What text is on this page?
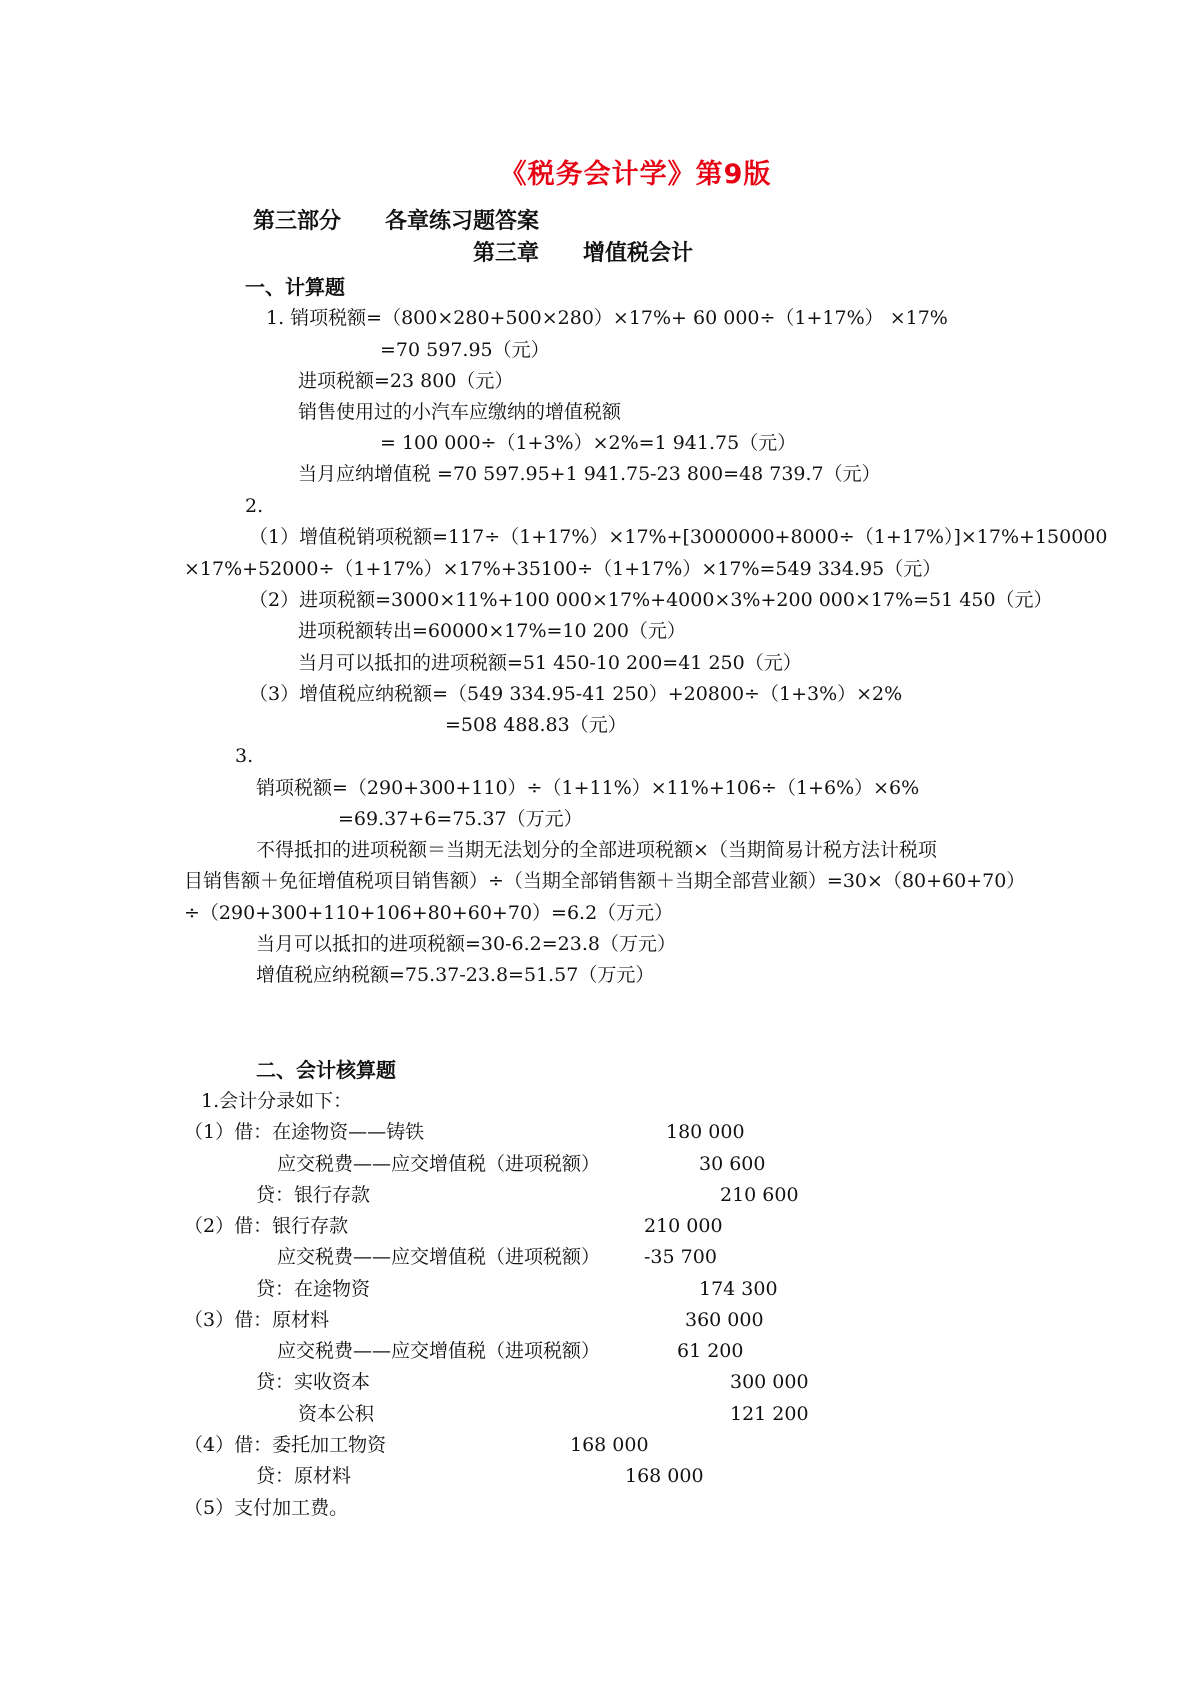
《税务会计学》第9版
第三部分　　各章练习题答案
第三章　　增值税会计
一、计算题
1. 销项税额=（800×280+500×280）×17%+ 60 000÷（1+17%） ×17%
=70 597.95（元）
进项税额=23 800（元）
销售使用过的小汽车应缴纳的增值税额
= 100 000÷（1+3%）×2%=1 941.75（元）
当月应纳增值税 =70 597.95+1 941.75-23 800=48 739.7（元）
2.
（1）增值税销项税额=117÷（1+17%）×17%+[3000000+8000÷（1+17%）]×17%+150000
×17%+52000÷（1+17%）×17%+35100÷（1+17%）×17%=549 334.95（元）
（2）进项税额=3000×11%+100 000×17%+4000×3%+200 000×17%=51 450（元）
进项税额转出=60000×17%=10 200（元）
当月可以抵扣的进项税额=51 450-10 200=41 250（元）
（3）增值税应纳税额=（549 334.95-41 250）+20800÷（1+3%）×2%
=508 488.83（元）
3.
销项税额=（290+300+110）÷（1+11%）×11%+106÷（1+6%）×6%
=69.37+6=75.37（万元）
不得抵扣的进项税额＝当期无法划分的全部进项税额×（当期简易计税方法计税项
目销售额＋免征增值税项目销售额）÷（当期全部销售额＋当期全部营业额）=30×（80+60+70）
÷（290+300+110+106+80+60+70）=6.2（万元）
当月可以抵扣的进项税额=30-6.2=23.8（万元）
增值税应纳税额=75.37-23.8=51.57（万元）
二、会计核算题
1.会计分录如下：
（1）借：在途物资——铸铁	180 000
应交税费——应交增值税（进项税额）	30 600
贷：银行存款	210 600
（2）借：银行存款	210 000
应交税费——应交增值税（进项税额） -35 700
贷：在途物资	174 300
（3）借：原材料	360 000
应交税费——应交增值税（进项税额）	61 200
贷：实收资本	300 000
资本公积	121 200
（4）借：委托加工物资	168 000
贷：原材料	168 000
（5）支付加工费。
